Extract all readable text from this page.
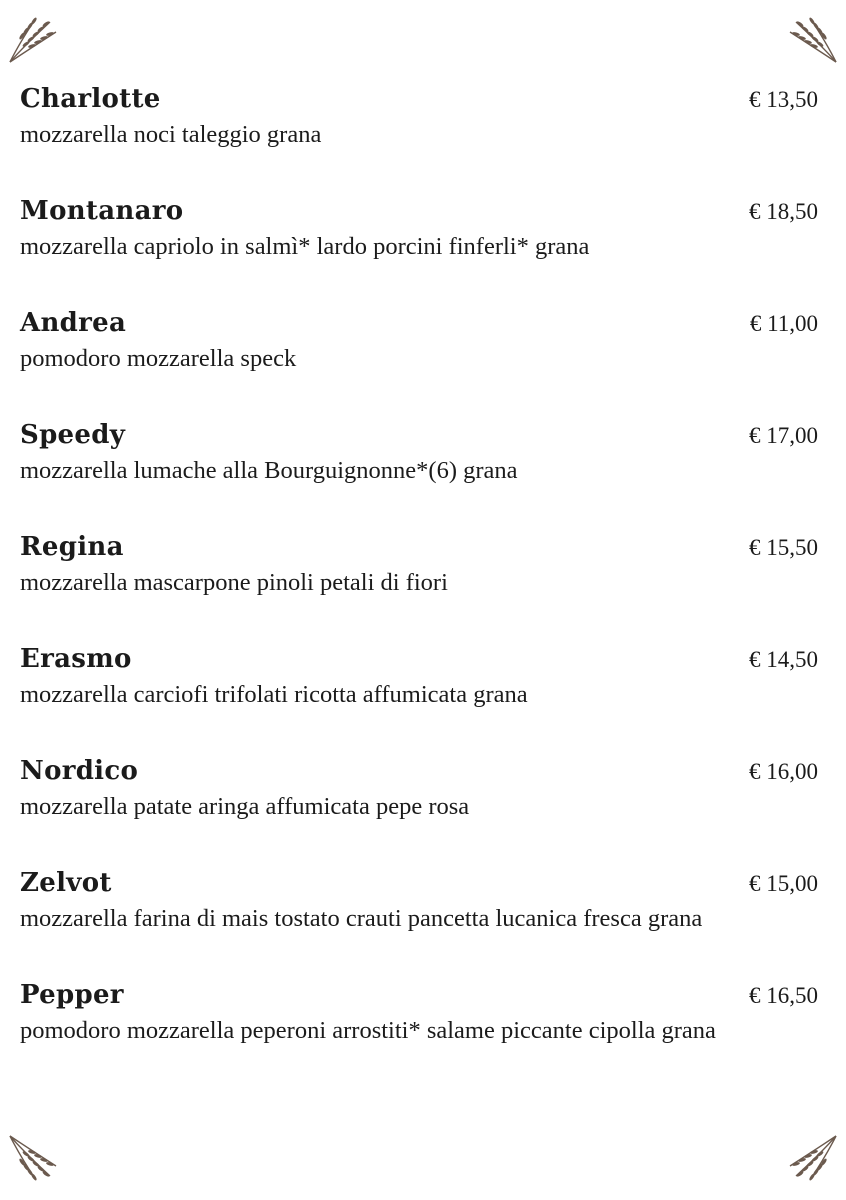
Charlotte	€ 13,50
mozzarella noci taleggio grana
Montanaro	€ 18,50
mozzarella capriolo in salmì* lardo porcini finferli* grana
Andrea	€ 11,00
pomodoro mozzarella speck
Speedy	€ 17,00
mozzarella lumache alla Bourguignonne*(6) grana
Regina	€ 15,50
mozzarella mascarpone pinoli petali di fiori
Erasmo	€ 14,50
mozzarella carciofi trifolati ricotta affumicata grana
Nordico	€ 16,00
mozzarella patate aringa affumicata pepe rosa
Zelvot	€ 15,00
mozzarella farina di mais tostato crauti pancetta lucanica fresca grana
Pepper	€ 16,50
pomodoro mozzarella peperoni arrostiti* salame piccante cipolla grana
